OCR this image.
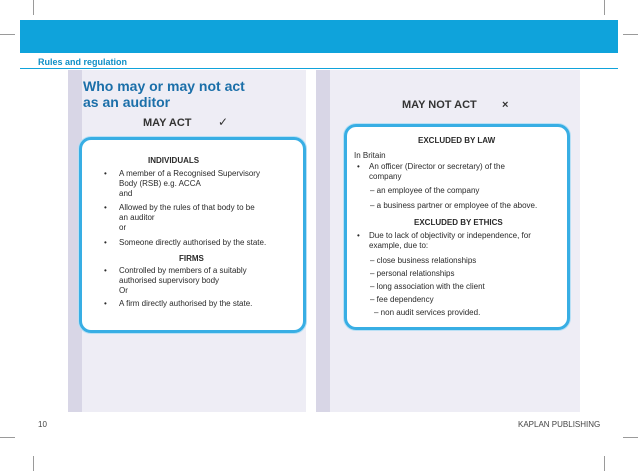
Rules and regulation
Who may or may not act
as an auditor
MAY ACT ✓
MAY NOT ACT ×
INDIVIDUALS
• A member of a Recognised Supervisory
Body (RSB) e.g. ACCA
and
• Allowed by the rules of that body to be
an auditor
or
• Someone directly authorised by the state.
FIRMS
• Controlled by members of a suitably
authorised supervisory body
Or
• A firm directly authorised by the state.
EXCLUDED BY LAW
In Britain
• An officer (Director or secretary) of the
company
– an employee of the company
– a business partner or employee of the above.
EXCLUDED BY ETHICS
• Due to lack of objectivity or independence, for
example, due to:
– close business relationships
– personal relationships
– long association with the client
– fee dependency
– non audit services provided.
10	KAPLAN PUBLISHING
